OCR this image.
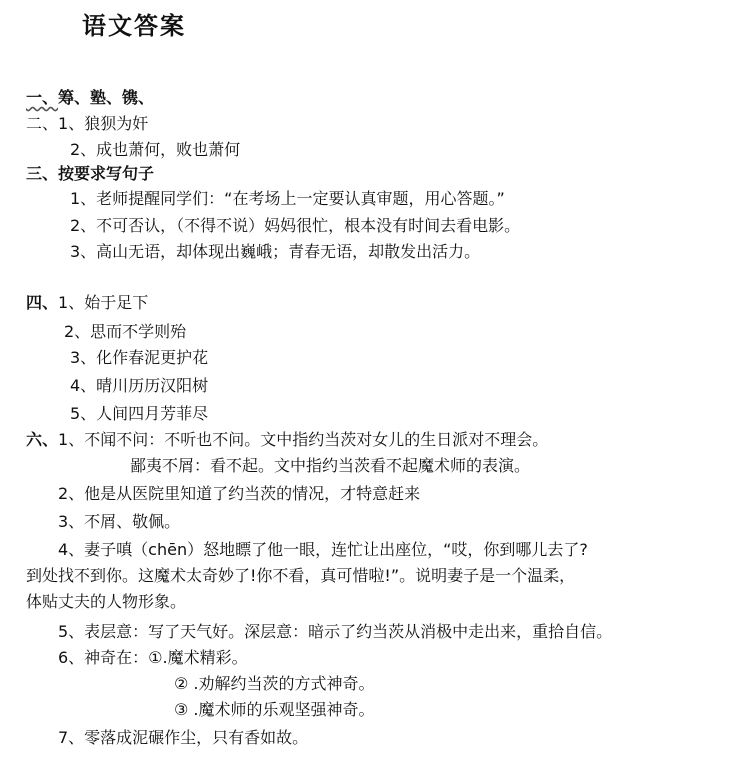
语文答案
一、筹、塾、镌、
二、1、狼狈为奸
2、成也萧何，败也萧何
三、按要求写句子
1、老师提醒同学们：“在考场上一定要认真审题，用心答题。”
2、不可否认，（不得不说）妈妈很忙，根本没有时间去看电影。
3、高山无语，却体现出巍峨；青春无语，却散发出活力。
四、1、始于足下
2、思而不学则殆
3、化作春泥更护花
4、晴川历历汉阳树
5、人间四月芳菲尽
六、1、不闻不问：不听也不问。文中指约当茨对女儿的生日派对不理会。
鄙夷不屑：看不起。文中指约当茨看不起魔术师的表演。
2、他是从医院里知道了约当茨的情况，才特意赶来
3、不屑、敬佩。
4、妻子嗔（chēn）怒地瞟了他一眼，连忙让出座位，“哎，你到哪儿去了?
到处找不到你。这魔术太奇妙了!你不看，真可惜啦!”。说明妻子是一个温柔，
体贴丈夫的人物形象。
5、表层意：写了天气好。深层意：暗示了约当茨从消极中走出来，重拾自信。
6、神奇在：①.魔术精彩。
② .劝解约当茨的方式神奇。
③ .魔术师的乐观坚强神奇。
7、零落成泥碾作尘，只有香如故。
